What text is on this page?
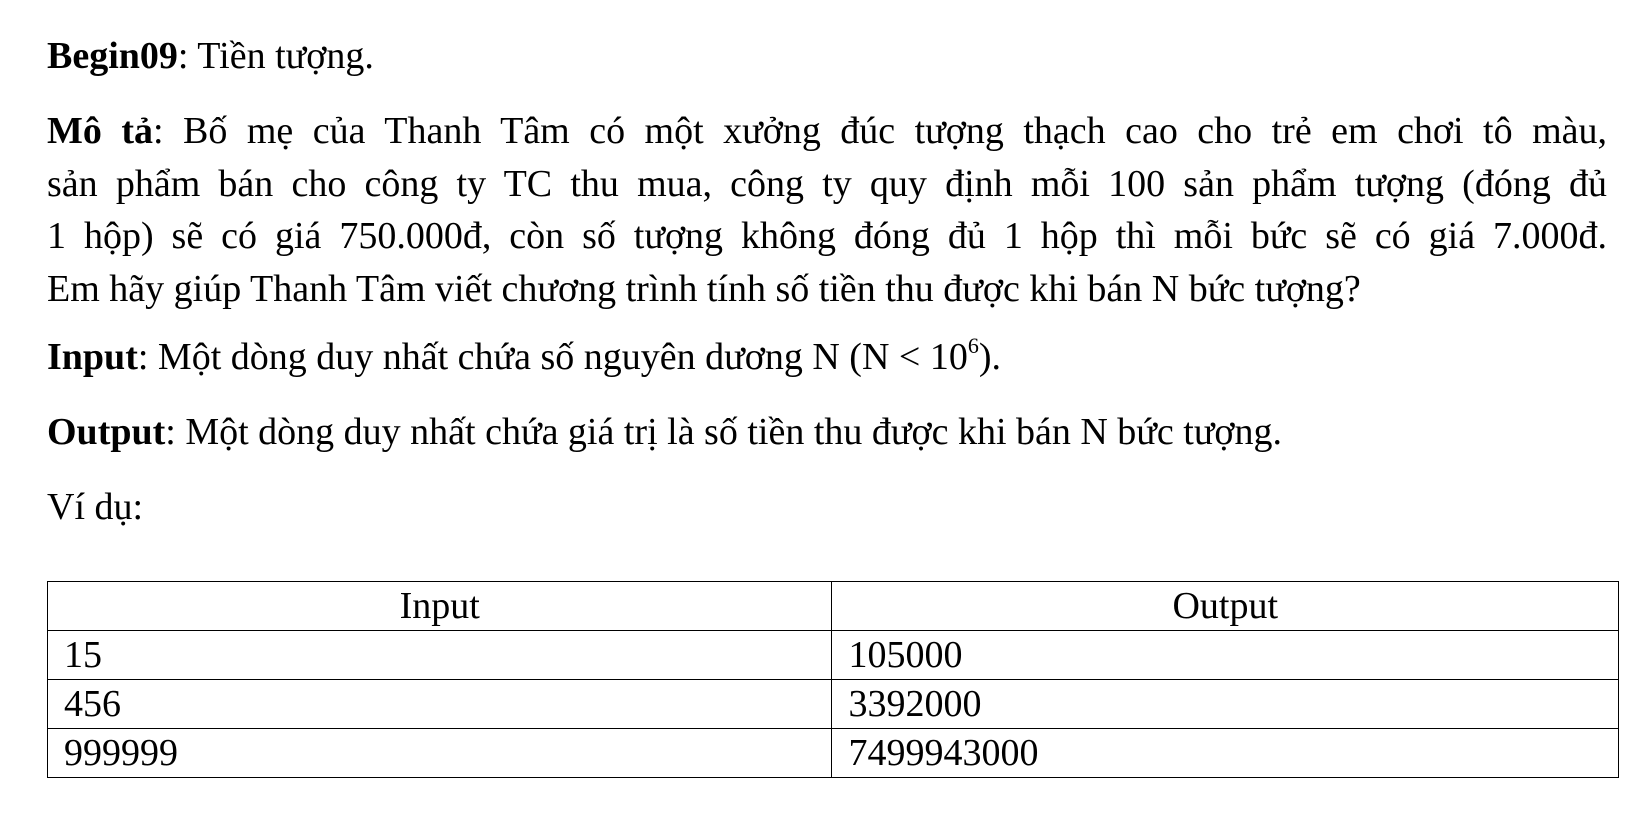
Begin09: Tiền tượng.

Mô tả: Bố mẹ của Thanh Tâm có một xưởng đúc tượng thạch cao cho trẻ em chơi tô màu,
sản phẩm bán cho công ty TC thu mua, công ty quy định mỗi 100 sản phẩm tượng (đóng đủ
1 hộp) sẽ có giá 750.000đ, còn số tượng không đóng đủ 1 hộp thì mỗi bức sẽ có giá 7.000đ.
Em hãy giúp Thanh Tâm viết chương trình tính số tiền thu được khi bán N bức tượng?

Input: Một dòng duy nhất chứa số nguyên dương N $(N < 10^6)$.

Output: Một dòng duy nhất chứa giá trị là số tiền thu được khi bán N bức tượng.

Ví dụ:

Input	Output
15	105000
456	3392000
999999	7499943000
